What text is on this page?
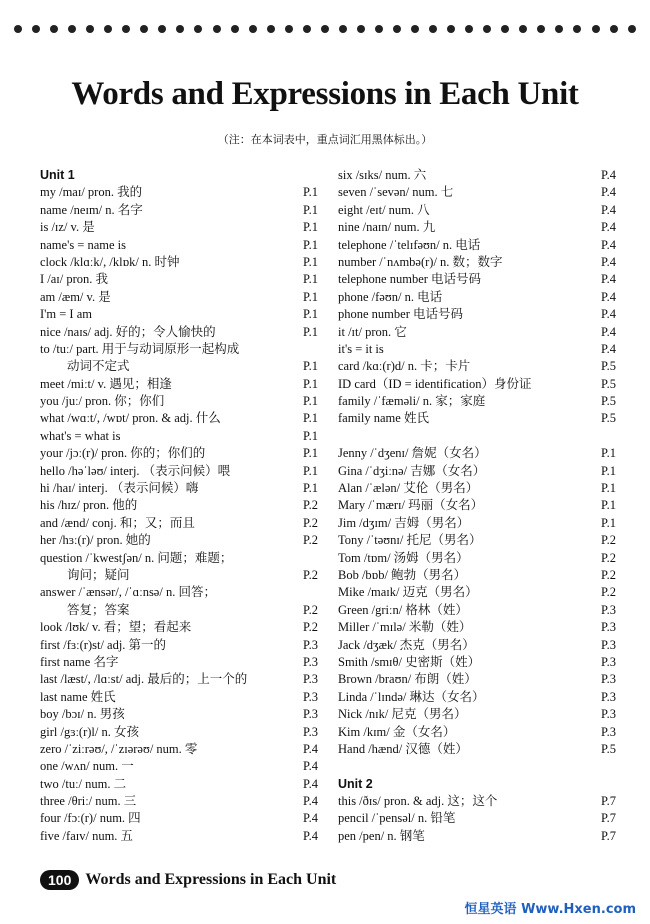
Words and Expressions in Each Unit
（注：在本词表中，重点词汇用黑体标出。）
Unit 1
my /maɪ/ pron. 我的	P.1
name /neɪm/ n. 名字	P.1
is /ɪz/ v. 是	P.1
name's = name is	P.1
clock /klɑːk/, /klɒk/ n. 时钟	P.1
I /aɪ/ pron. 我	P.1
am /æm/ v. 是	P.1
I'm = I am	P.1
nice /naɪs/ adj. 好的；令人愉快的	P.1
to /tuː/ part. 用于与动词原形一起构成
动词不定式	P.1
meet /miːt/ v. 遇见；相逢	P.1
you /juː/ pron. 你；你们	P.1
what /wɑːt/, /wɒt/ pron. & adj. 什么	P.1
what's = what is	P.1
your /jɔː(r)/ pron. 你的；你们的	P.1
hello /həˈləʊ/ interj. （表示问候）喂	P.1
hi /haɪ/ interj. （表示问候）嗨	P.1
his /hɪz/ pron. 他的	P.2
and /ænd/ conj. 和；又；而且	P.2
her /hɜː(r)/ pron. 她的	P.2
question /ˈkwestʃən/ n. 问题；难题；
询问；疑问	P.2
answer /ˈænsər/, /ˈɑːnsə/ n. 回答；
答复；答案	P.2
look /lʊk/ v. 看；望；看起来	P.2
first /fɜː(r)st/ adj. 第一的	P.3
first name 名字	P.3
last /læst/, /lɑːst/ adj. 最后的；上一个的	P.3
last name 姓氏	P.3
boy /bɔɪ/ n. 男孩	P.3
girl /gɜː(r)l/ n. 女孩	P.3
zero /ˈziːrəʊ/, /ˈzɪərəʊ/ num. 零	P.4
one /wʌn/ num. 一	P.4
two /tuː/ num. 二	P.4
three /θriː/ num. 三	P.4
four /fɔː(r)/ num. 四	P.4
five /faɪv/ num. 五	P.4
six /sɪks/ num. 六	P.4
seven /ˈsevən/ num. 七	P.4
eight /eɪt/ num. 八	P.4
nine /naɪn/ num. 九	P.4
telephone /ˈtelɪfəʊn/ n. 电话	P.4
number /ˈnʌmbə(r)/ n. 数；数字	P.4
telephone number 电话号码	P.4
phone /fəʊn/ n. 电话	P.4
phone number 电话号码	P.4
it /ɪt/ pron. 它	P.4
it's = it is	P.4
card /kɑː(r)d/ n. 卡；卡片	P.5
ID card（ID = identification）身份证	P.5
family /ˈfæməli/ n. 家；家庭	P.5
family name 姓氏	P.5
Jenny /ˈdʒenɪ/ 詹妮（女名）	P.1
Gina /ˈdʒiːnə/ 吉娜（女名）	P.1
Alan /ˈælən/ 艾伦（男名）	P.1
Mary /ˈmærɪ/ 玛丽（女名）	P.1
Jim /dʒɪm/ 吉姆（男名）	P.1
Tony /ˈtəʊnɪ/ 托尼（男名）	P.2
Tom /tɒm/ 汤姆（男名）	P.2
Bob /bɒb/ 鲍勃（男名）	P.2
Mike /maɪk/ 迈克（男名）	P.2
Green /griːn/ 格林（姓）	P.3
Miller /ˈmɪlə/ 米勒（姓）	P.3
Jack /dʒæk/ 杰克（男名）	P.3
Smith /smɪθ/ 史密斯（姓）	P.3
Brown /braʊn/ 布朗（姓）	P.3
Linda /ˈlɪndə/ 琳达（女名）	P.3
Nick /nɪk/ 尼克（男名）	P.3
Kim /kɪm/ 金（女名）	P.3
Hand /hænd/ 汉德（姓）	P.5
Unit 2
this /ðɪs/ pron. & adj. 这；这个	P.7
pencil /ˈpensəl/ n. 铅笔	P.7
pen /pen/ n. 钢笔	P.7
100 Words and Expressions in Each Unit
恒星英语 Www.Hxen.com
